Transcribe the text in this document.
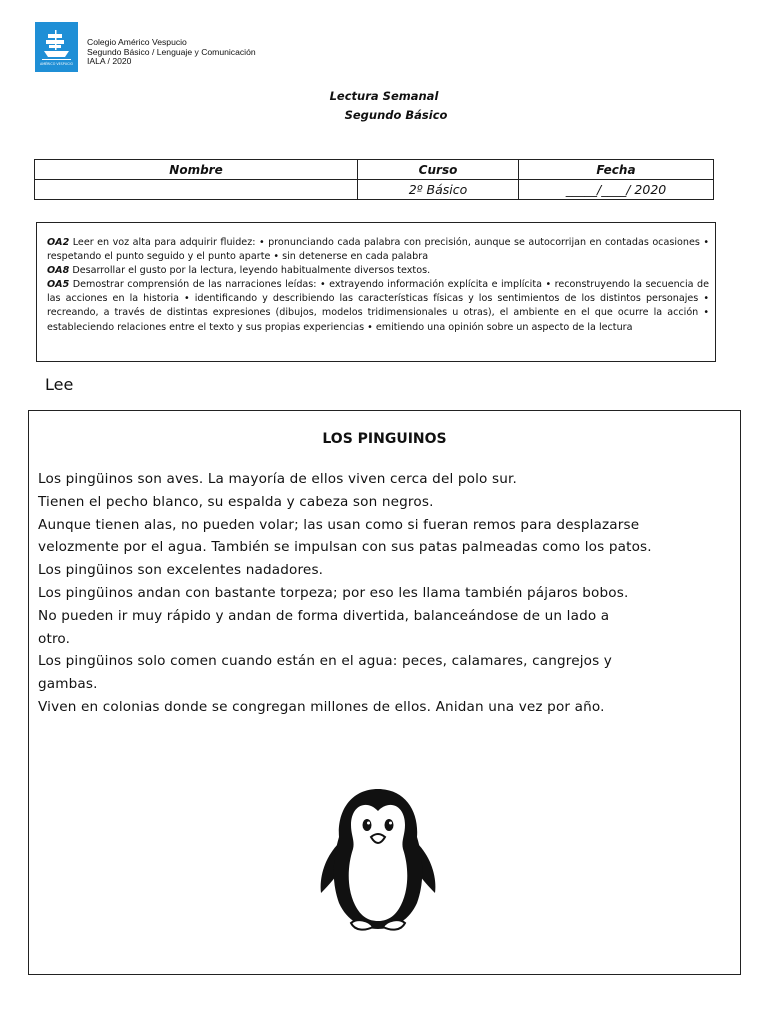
AMÉRICO VESPUCIO
Colegio Américo Vespucio
Segundo Básico / Lenguaje y Comunicación
IALA / 2020
Lectura Semanal
Segundo Básico
Nombre	Curso	Fecha
	2º Básico	_____/____/ 2020

OA2 Leer en voz alta para adquirir fluidez: • pronunciando cada palabra con precisión, aunque se autocorrijan en contadas ocasiones • respetando el punto seguido y el punto aparte • sin detenerse en cada palabra

OA8 Desarrollar el gusto por la lectura, leyendo habitualmente diversos textos.

OA5 Demostrar comprensión de las narraciones leídas: • extrayendo información explícita e implícita • reconstruyendo la secuencia de las acciones en la historia • identificando y describiendo las características físicas y los sentimientos de los distintos personajes • recreando, a través de distintas expresiones (dibujos, modelos tridimensionales u otras), el ambiente en el que ocurre la acción • estableciendo relaciones entre el texto y sus propias experiencias • emitiendo una opinión sobre un aspecto de la lectura

Lee
LOS PINGUINOS
Los pingüinos son aves. La mayoría de ellos viven cerca del polo sur.
Tienen el pecho blanco, su espalda y cabeza son negros.
Aunque tienen alas, no pueden volar; las usan como si fueran remos para desplazarse
velozmente por el agua. También se impulsan con sus patas palmeadas como los patos.
Los pingüinos son excelentes nadadores.
Los pingüinos andan con bastante torpeza; por eso les llama también pájaros bobos.
No pueden ir muy rápido y andan de forma divertida, balanceándose de un lado a
otro.
Los pingüinos solo comen cuando están en el agua: peces, calamares, cangrejos y
gambas.
Viven en colonias donde se congregan millones de ellos. Anidan una vez por año.
